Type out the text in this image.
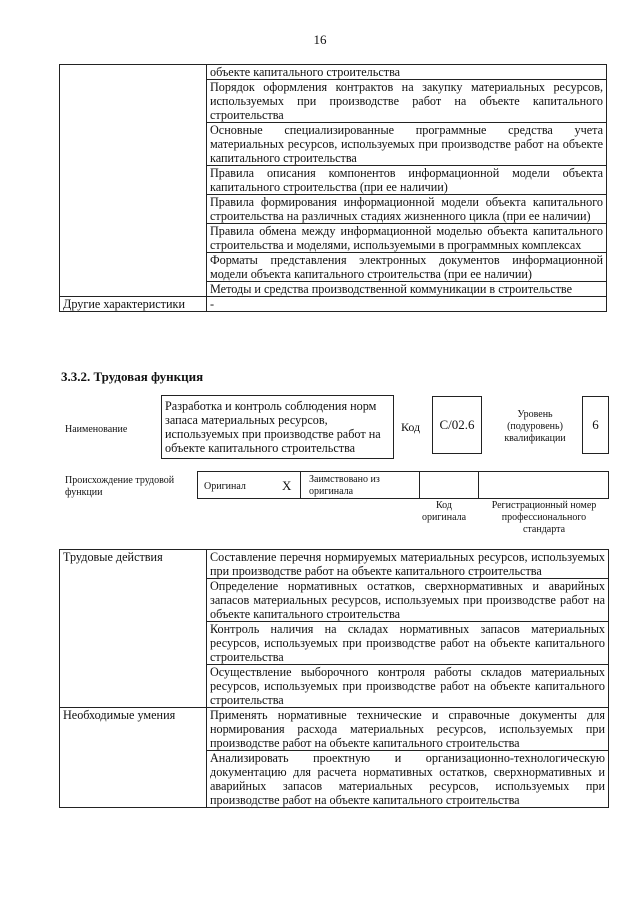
16
	объекте капитального строительства
	Порядок оформления контрактов на закупку материальных ресурсов, используемых при производстве работ на объекте капитального строительства
	Основные специализированные программные средства учета материальных ресурсов, используемых при производстве работ на объекте капитального строительства
	Правила описания компонентов информационной модели объекта капитального строительства (при ее наличии)
	Правила формирования информационной модели объекта капитального строительства на различных стадиях жизненного цикла (при ее наличии)
	Правила обмена между информационной моделью объекта капитального строительства и моделями, используемыми в программных комплексах
	Форматы представления электронных документов информационной модели объекта капитального строительства (при ее наличии)
	Методы и средства производственной коммуникации в строительстве
Другие характеристики	-
3.3.2. Трудовая функция
Наименование
Разработка и контроль соблюдения норм запаса материальных ресурсов, используемых при производстве работ на объекте капитального строительства
Код C/02.6
Уровень (подуровень) квалификации
6
Происхождение трудовой функции
Оригинал	X Заимствовано из оригинала
Код оригинала
Регистрационный номер профессионального стандарта
Трудовые действия	Составление перечня нормируемых материальных ресурсов, используемых при производстве работ на объекте капитального строительства
	Определение нормативных остатков, сверхнормативных и аварийных запасов материальных ресурсов, используемых при производстве работ на объекте капитального строительства
	Контроль наличия на складах нормативных запасов материальных ресурсов, используемых при производстве работ на объекте капитального строительства
	Осуществление выборочного контроля работы складов материальных ресурсов, используемых при производстве работ на объекте капитального строительства
Необходимые умения	Применять нормативные технические и справочные документы для нормирования расхода материальных ресурсов, используемых при производстве работ на объекте капитального строительства
	Анализировать проектную и организационно-технологическую документацию для расчета нормативных остатков, сверхнормативных и аварийных запасов материальных ресурсов, используемых при производстве работ на объекте капитального строительства
